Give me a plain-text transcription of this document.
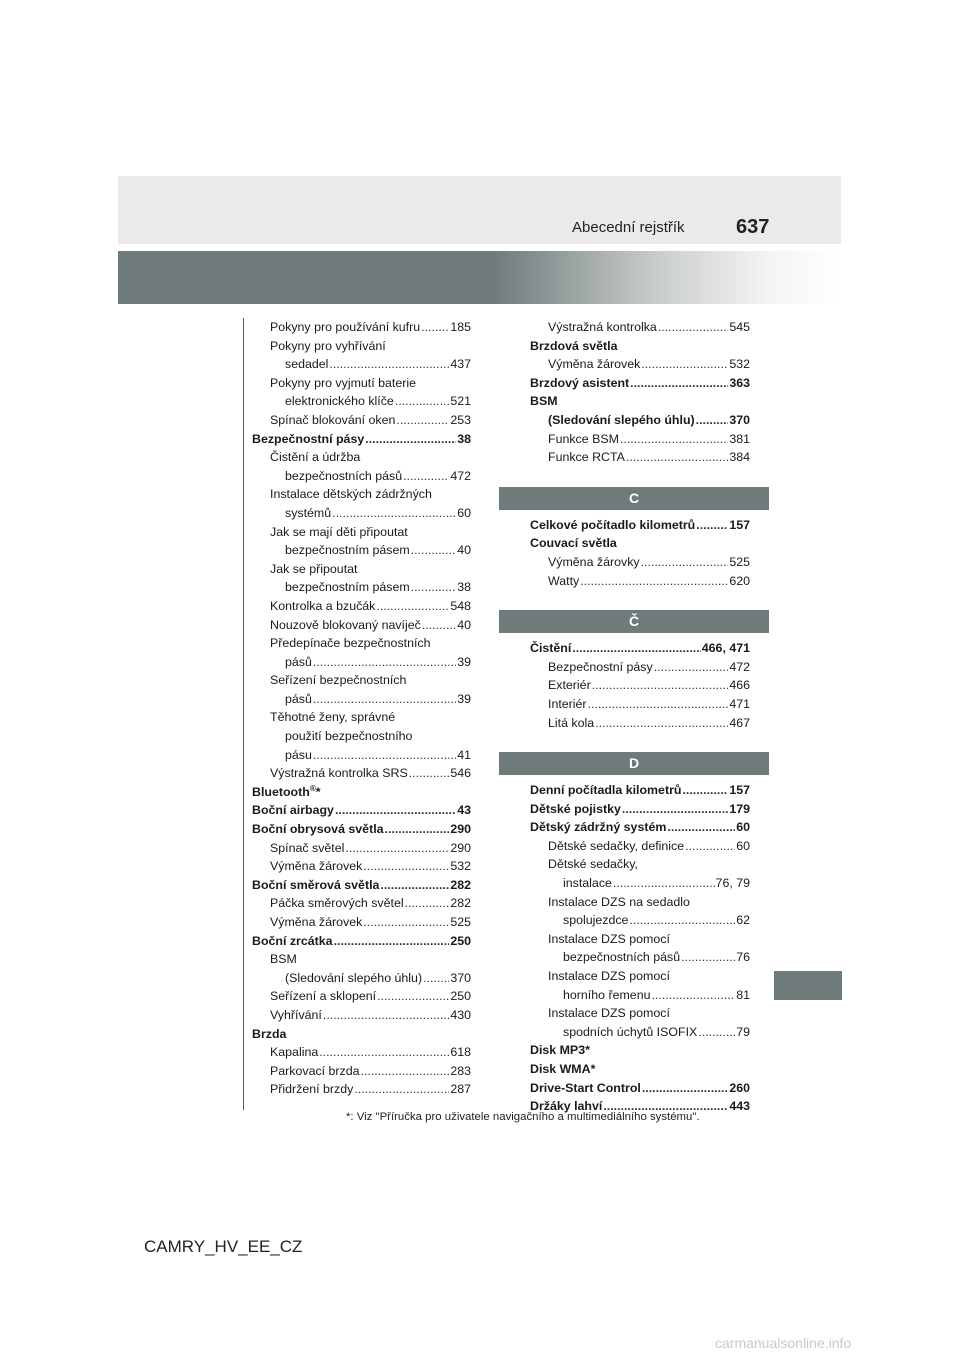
Abecední rejstřík	637
Pokyny pro používání kufru ..... 185
Pokyny pro vyhřívání
sedadel .....	437
Pokyny pro vyjmutí baterie
elektronického klíče .....	521
Spínač blokování oken .....	253
Bezpečnostní pásy .....	38
Čistění a údržba
bezpečnostních pásů .....	472
Instalace dětských zádržných
systémů .....	60
Jak se mají děti připoutat
bezpečnostním pásem .....	40
Jak se připoutat
bezpečnostním pásem .....	38
Kontrolka a bzučák .....	548
Nouzově blokovaný navíječ .....	40
Předepínače bezpečnostních
pásů .....	39
Seřízení bezpečnostních
pásů .....	39
Těhotné ženy, správné
použití bezpečnostního
pásu .....	41
Výstražná kontrolka SRS .....	546
Bluetooth®*
Boční airbagy .....	43
Boční obrysová světla .....	290
Spínač světel .....	290
Výměna žárovek .....	532
Boční směrová světla .....	282
Páčka směrových světel .....	282
Výměna žárovek .....	525
Boční zrcátka .....	250
BSM
(Sledování slepého úhlu) ..... 370
Seřízení a sklopení .....	250
Vyhřívání .....	430
Brzda
Kapalina .....	618
Parkovací brzda .....	283
Přidržení brzdy .....	287
Výstražná kontrolka .....	545
Brzdová světla
Výměna žárovek .....	532
Brzdový asistent .....	363
BSM
(Sledování slepého úhlu) .....	370
Funkce BSM .....	381
Funkce RCTA .....	384
C
Celkové počítadlo kilometrů .....	157
Couvací světla
Výměna žárovky .....	525
Watty .....	620
Č
Čistění .....	466, 471
Bezpečnostní pásy .....	472
Exteriér .....	466
Interiér .....	471
Litá kola .....	467
D
Denní počítadla kilometrů .....	157
Dětské pojistky .....	179
Dětský zádržný systém .....	60
Dětské sedačky, definice .....	60
Dětské sedačky,
instalace .....	76, 79
Instalace DZS na sedadlo
spolujezdce .....	62
Instalace DZS pomocí
bezpečnostních pásů .....	76
Instalace DZS pomocí
horního řemenu .....	81
Instalace DZS pomocí
spodních úchytů ISOFIX .....	79
Disk MP3*
Disk WMA*
Drive-Start Control .....	260
Držáky lahví .....	443
*: Viz "Příručka pro uživatele navigačního a multimediálního systému".
CAMRY_HV_EE_CZ
carmanualsonline.info
